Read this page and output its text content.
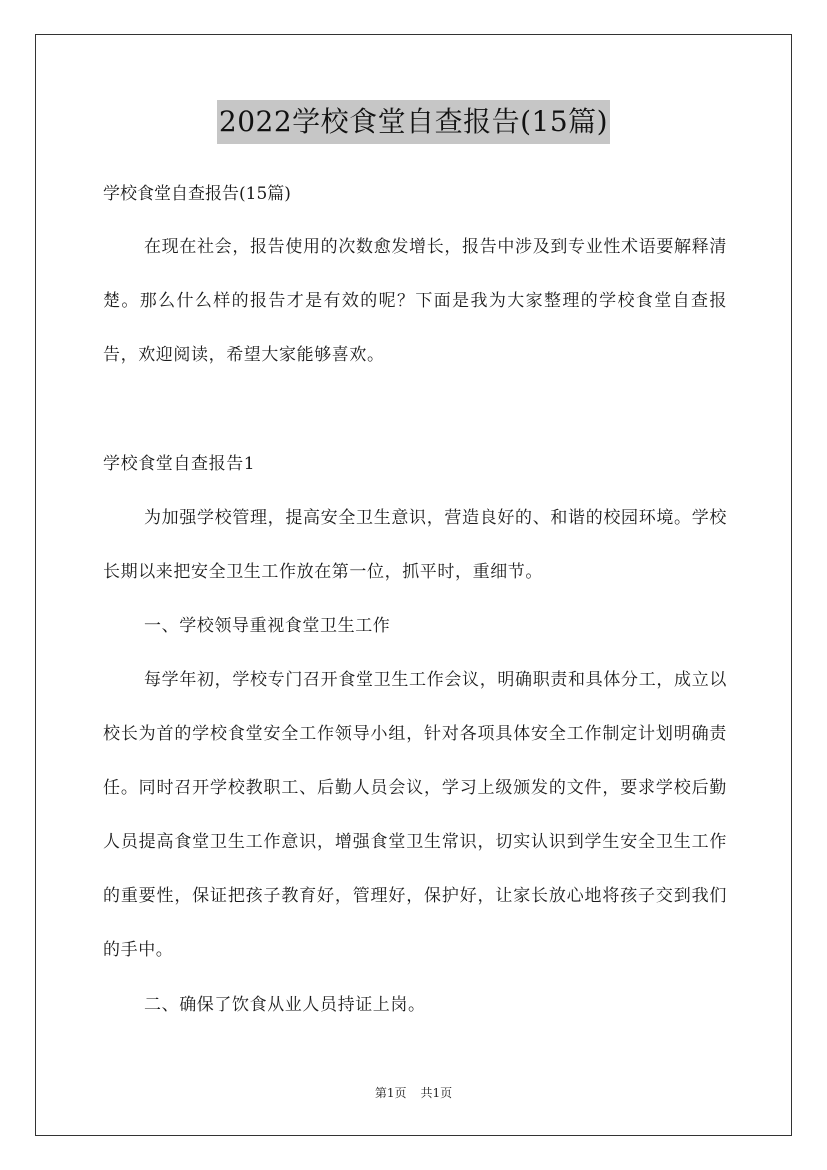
2022学校食堂自查报告(15篇)
学校食堂自查报告(15篇)

在现在社会，报告使用的次数愈发增长，报告中涉及到专业性术语要解释清楚。那么什么样的报告才是有效的呢？下面是我为大家整理的学校食堂自查报告，欢迎阅读，希望大家能够喜欢。

学校食堂自查报告1

为加强学校管理，提高安全卫生意识，营造良好的、和谐的校园环境。学校长期以来把安全卫生工作放在第一位，抓平时，重细节。

一、学校领导重视食堂卫生工作

每学年初，学校专门召开食堂卫生工作会议，明确职责和具体分工，成立以校长为首的学校食堂安全工作领导小组，针对各项具体安全工作制定计划明确责任。同时召开学校教职工、后勤人员会议，学习上级颁发的文件，要求学校后勤人员提高食堂卫生工作意识，增强食堂卫生常识，切实认识到学生安全卫生工作的重要性，保证把孩子教育好，管理好，保护好，让家长放心地将孩子交到我们的手中。

二、确保了饮食从业人员持证上岗。
第1页 共1页
